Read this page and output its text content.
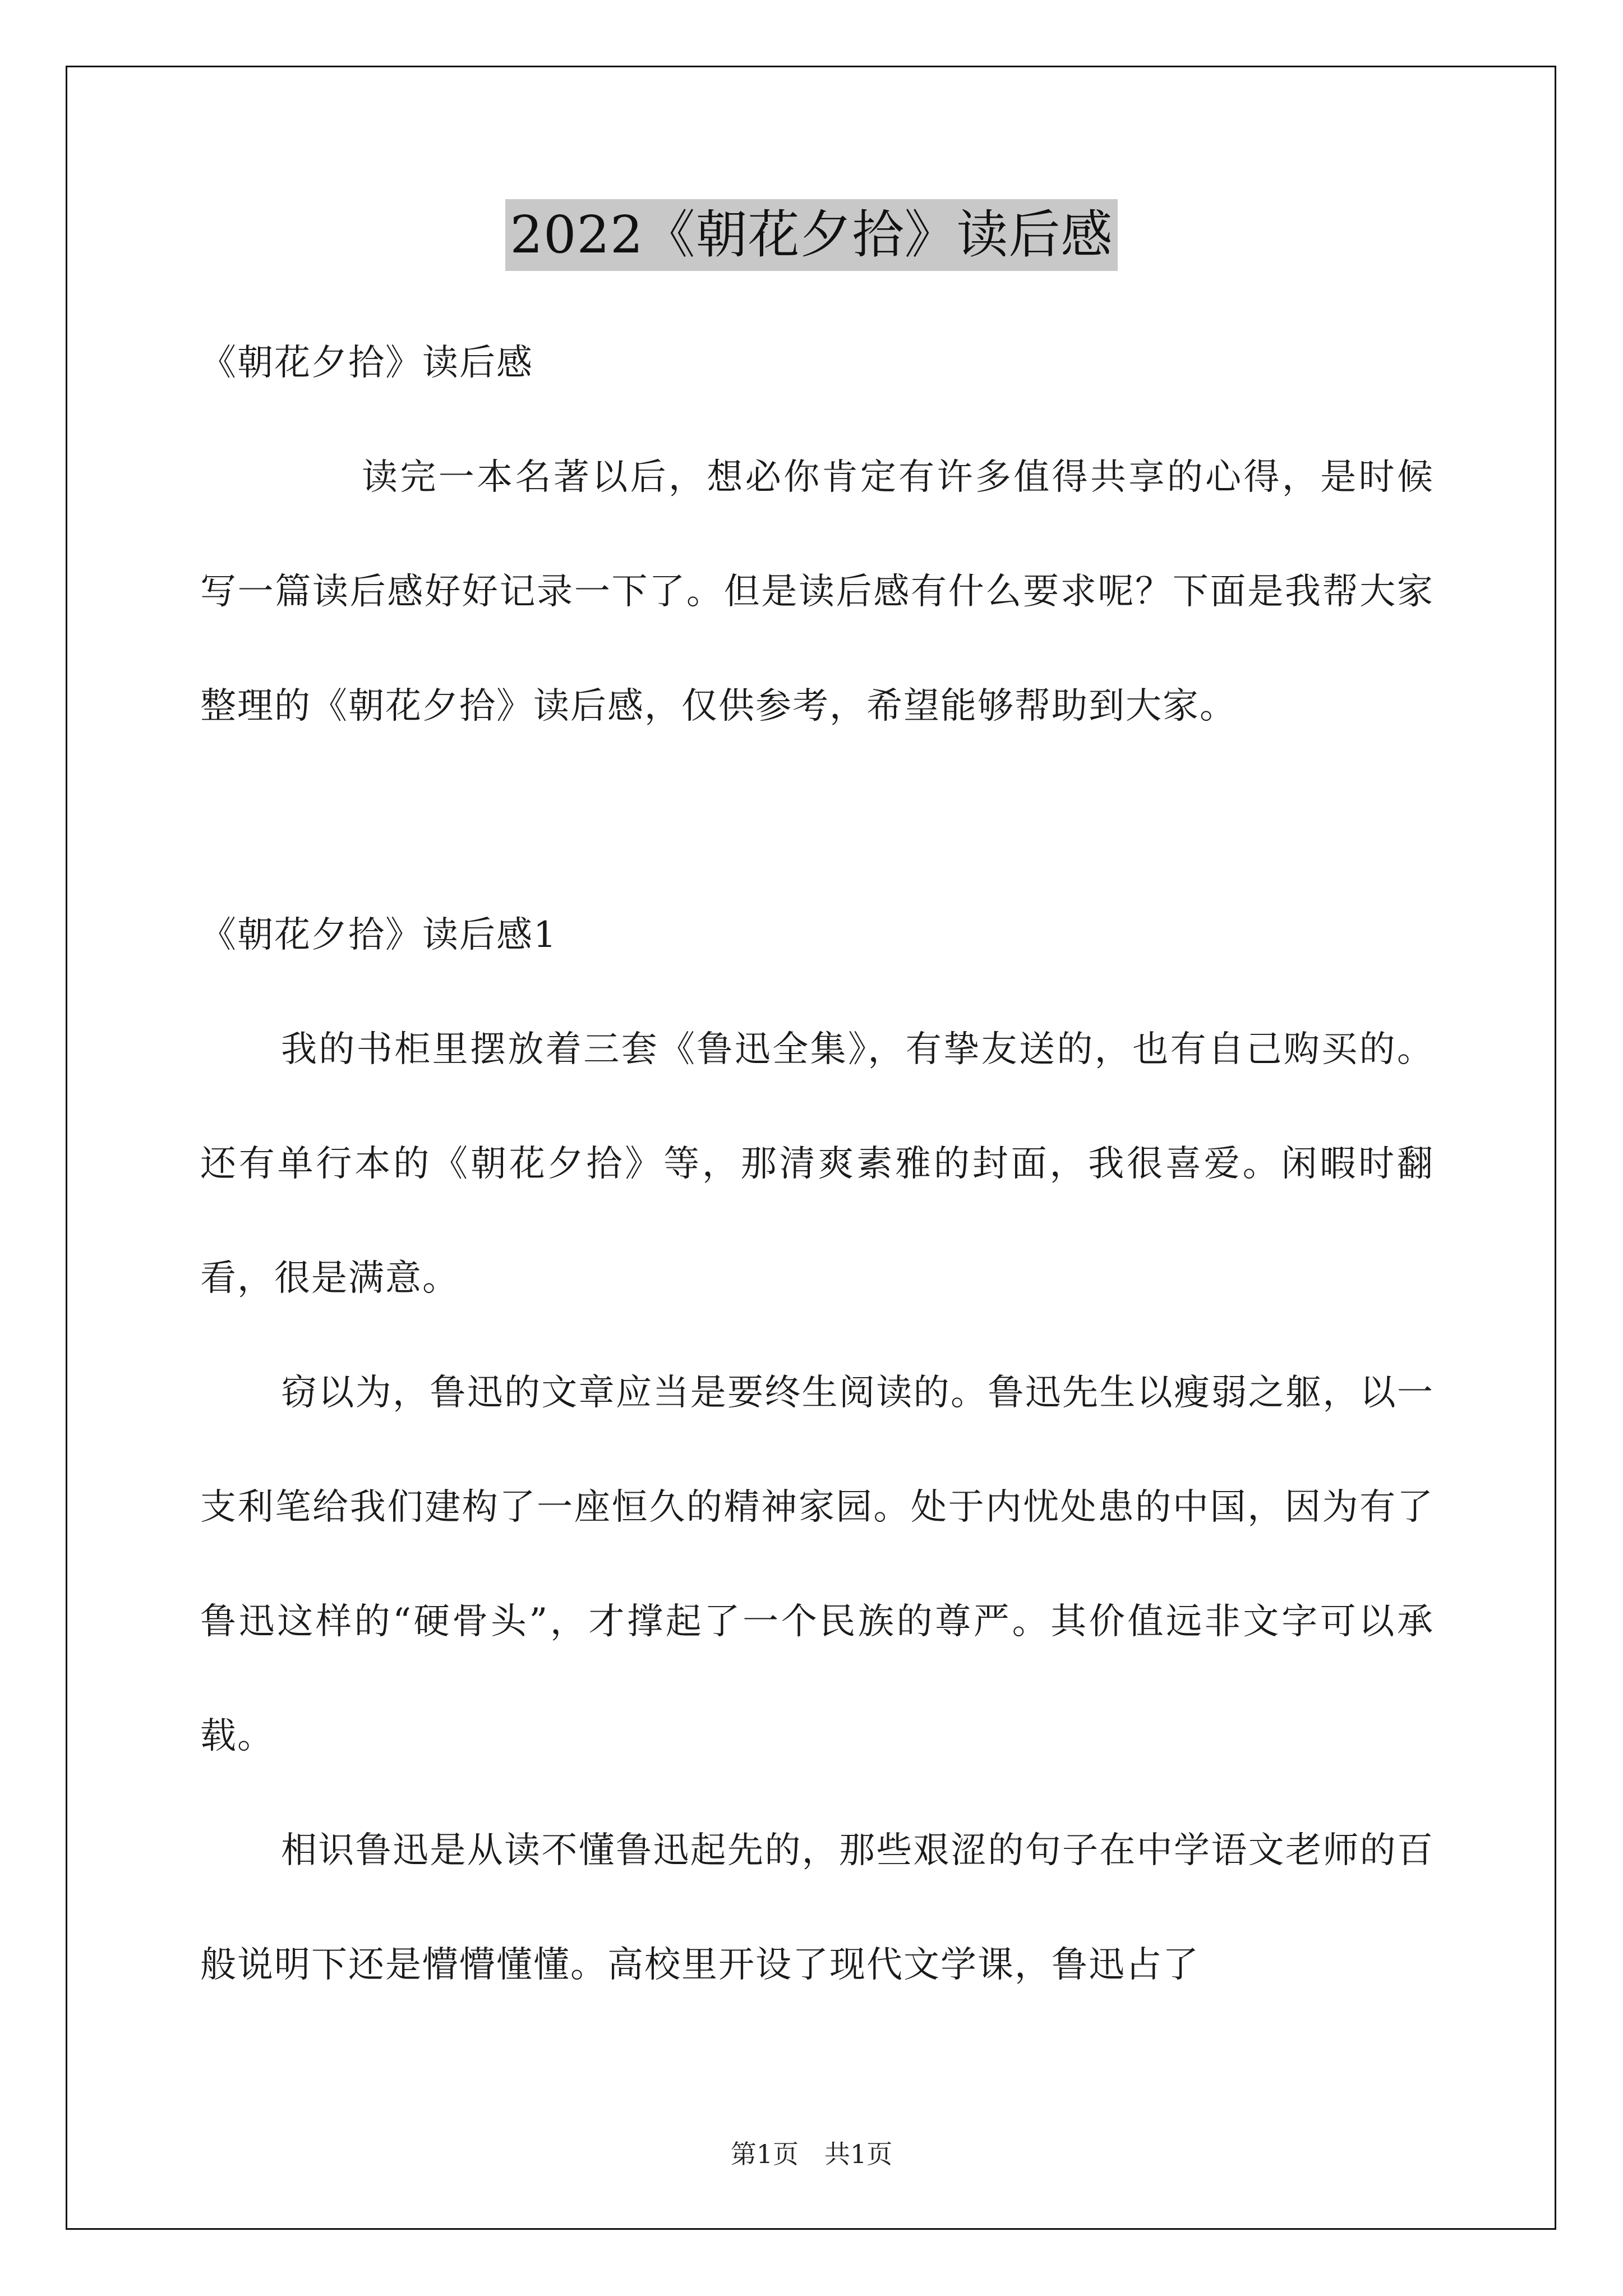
2022《朝花夕拾》读后感

《朝花夕拾》读后感

读完一本名著以后，想必你肯定有许多值得共享的心得，是时候写一篇读后感好好记录一下了。但是读后感有什么要求呢？下面是我帮大家整理的《朝花夕拾》读后感，仅供参考，希望能够帮助到大家。

《朝花夕拾》读后感1

我的书柜里摆放着三套《鲁迅全集》，有挚友送的，也有自己购买的。还有单行本的《朝花夕拾》等，那清爽素雅的封面，我很喜爱。闲暇时翻看，很是满意。

窃以为，鲁迅的文章应当是要终生阅读的。鲁迅先生以瘦弱之躯，以一支利笔给我们建构了一座恒久的精神家园。处于内忧处患的中国，因为有了鲁迅这样的“硬骨头”，才撑起了一个民族的尊严。其价值远非文字可以承载。

相识鲁迅是从读不懂鲁迅起先的，那些艰涩的句子在中学语文老师的百般说明下还是懵懵懂懂。高校里开设了现代文学课，鲁迅占了

第1页　共1页
